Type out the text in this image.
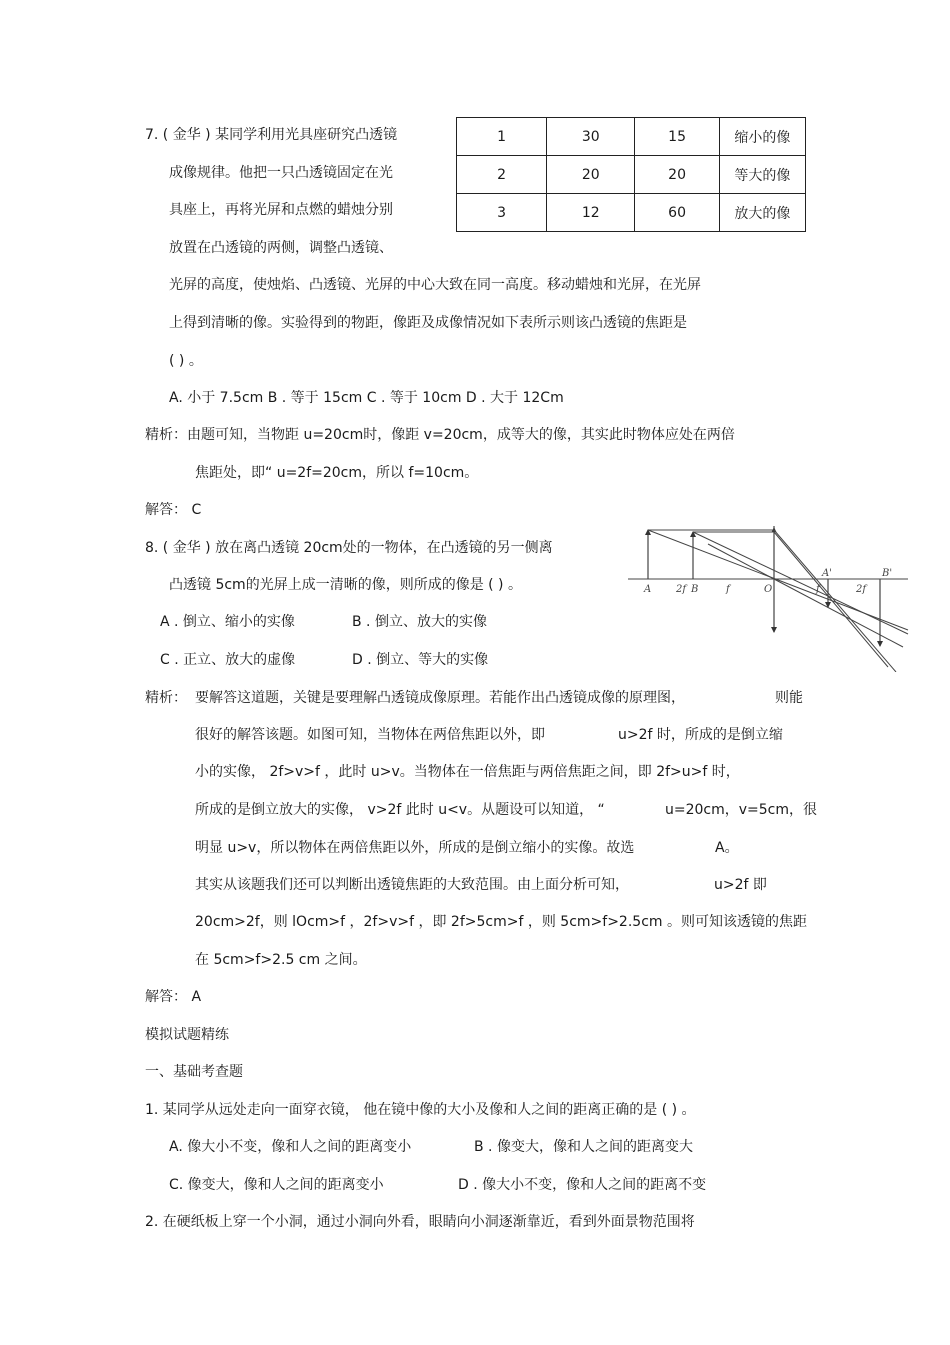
7. ( 金华 ) 某同学利用光具座研究凸透镜
成像规律。他把一只凸透镜固定在光
具座上，再将光屏和点燃的蜡烛分别
放置在凸透镜的两侧，调整凸透镜、
光屏的高度，使烛焰、凸透镜、光屏的中心大致在同一高度。移动蜡烛和光屏，在光屏
上得到清晰的像。实验得到的物距，像距及成像情况如下表所示则该凸透镜的焦距是
( ) 。
A. 小于 7.5cm B . 等于 15cm C . 等于 10cm D . 大于 12Cm
1	30	15	缩小的像
2	20	20	等大的像
3	12	60	放大的像
精析：由题可知，当物距 u=20cm时，像距 v=20cm，成等大的像，其实此时物体应处在两倍
焦距处，即“ u=2f=20cm，所以 f=10cm。
解答： C
8. ( 金华 ) 放在离凸透镜 20cm处的一物体，在凸透镜的另一侧离
凸透镜 5cm的光屏上成一清晰的像，则所成的像是 ( ) 。
A . 倒立、缩小的实像	B . 倒立、放大的实像
C . 正立、放大的虚像	D . 倒立、等大的实像
A 2f B	f	O	f
A'
2f
B'
精析： 要解答这道题，关键是要理解凸透镜成像原理。若能作出凸透镜成像的原理图，	则能
很好的解答该题。如图可知，当物体在两倍焦距以外，即	u>2f 时，所成的是倒立缩
小的实像， 2f>v>f ，此时 u>v。当物体在一倍焦距与两倍焦距之间，即 2f>u>f 时，
所成的是倒立放大的实像， v>2f 此时 u<v。从题设可以知道， “	u=20cm，v=5cm，很
明显 u>v，所以物体在两倍焦距以外，所成的是倒立缩小的实像。故选	A。
其实从该题我们还可以判断出透镜焦距的大致范围。由上面分析可知，	u>2f 即
20cm>2f，则 lOcm>f ，2f>v>f ，即 2f>5cm>f ，则 5cm>f>2.5cm 。则可知该透镜的焦距
在 5cm>f>2.5 cm 之间。
解答： A
模拟试题精练
一、基础考查题
1. 某同学从远处走向一面穿衣镜， 他在镜中像的大小及像和人之间的距离正确的是 ( ) 。
A. 像大小不变，像和人之间的距离变小	B . 像变大，像和人之间的距离变大
C. 像变大，像和人之间的距离变小	D . 像大小不变，像和人之间的距离不变
2. 在硬纸板上穿一个小洞，通过小洞向外看，眼睛向小洞逐渐靠近，看到外面景物范围将
